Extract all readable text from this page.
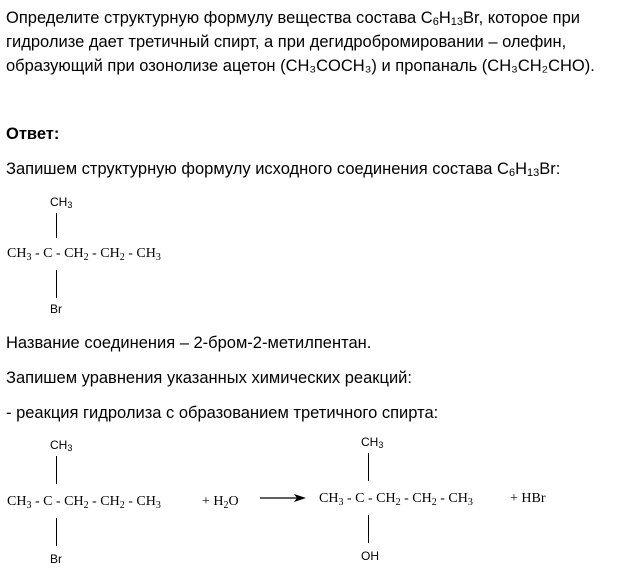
Определите структурную формулу вещества состава $C_6H_{13}Br$, которое при
гидролизе дает третичный спирт, а при дегидробромировании – олефин,
образующий при озонолизе ацетон (CH₃COCH₃) и пропаналь (CH₃CH₂CHO).

Ответ:

Запишем структурную формулу исходного соединения состава $C_6H_{13}Br$:

$CH_3$
$CH_3$ - C - $CH_2 - CH_2 - CH_3$
Br

Название соединения – 2-бром-2-метилпентан.

Запишем уравнения указанных химических реакций:

- реакция гидролиза с образованием третичного спирта:

$CH_3$
$CH_3$ - C - $CH_2 - CH_2 - CH_3$
Br
+ $H_2O$ →
$CH_3$
$CH_3$ - C - $CH_2 - CH_2 - CH_3$
OH
+ HBr
